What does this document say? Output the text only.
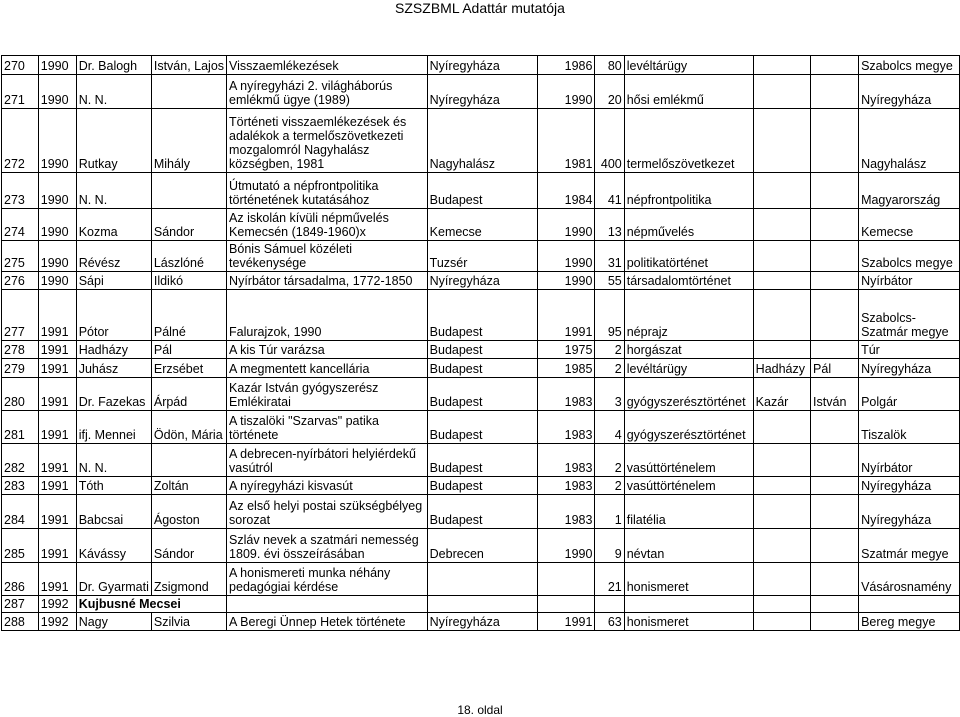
SZSZBML Adattár mutatója
270	1990	Dr. Balogh	István, Lajos	Visszaemlékezések	Nyíregyháza	1986	80	levéltárügy			Szabolcs megye
271	1990	N. N.		A nyíregyházi 2. világháborús emlékmű ügye (1989)	Nyíregyháza	1990	20	hősi emlékmű			Nyíregyháza
272	1990	Rutkay	Mihály	Történeti visszaemlékezések és adalékok a termelőszövetkezeti mozgalomról Nagyhalász községben, 1981	Nagyhalász	1981	400	termelőszövetkezet			Nagyhalász
273	1990	N. N.		Útmutató a népfrontpolitika történetének kutatásához	Budapest	1984	41	népfrontpolitika			Magyarország
274	1990	Kozma	Sándor	Az iskolán kívüli népművelés Kemecsén (1849-1960)x	Kemecse	1990	13	népművelés			Kemecse
275	1990	Révész	Lászlóné	Bónis Sámuel közéleti tevékenysége	Tuzsér	1990	31	politikatörténet			Szabolcs megye
276	1990	Sápi	Ildikó	Nyírbátor társadalma, 1772-1850	Nyíregyháza	1990	55	társadalomtörténet			Nyírbátor
277	1991	Pótor	Pálné	Falurajzok, 1990	Budapest	1991	95	néprajz			Szabolcs-Szatmár megye
278	1991	Hadházy	Pál	A kis Túr varázsa	Budapest	1975	2	horgászat			Túr
279	1991	Juhász	Erzsébet	A megmentett kancellária	Budapest	1985	2	levéltárügy	Hadházy	Pál	Nyíregyháza
280	1991	Dr. Fazekas	Árpád	Kazár István gyógyszerész Emlékiratai	Budapest	1983	3	gyógyszerésztörténet	Kazár	István	Polgár
281	1991	ifj. Mennei	Ödön, Mária	A tiszalöki "Szarvas" patika története	Budapest	1983	4	gyógyszerésztörténet			Tiszalök
282	1991	N. N.		A debrecen-nyírbátori helyiérdekű vasútról	Budapest	1983	2	vasúttörténelem			Nyírbátor
283	1991	Tóth	Zoltán	A nyíregyházi kisvasút	Budapest	1983	2	vasúttörténelem			Nyíregyháza
284	1991	Babcsai	Ágoston	Az első helyi postai szükségbélyeg sorozat	Budapest	1983	1	filatélia			Nyíregyháza
285	1991	Kávássy	Sándor	Szláv nevek a szatmári nemesség 1809. évi összeírásában	Debrecen	1990	9	névtan			Szatmár megye
286	1991	Dr. Gyarmati	Zsigmond	A honismereti munka néhány pedagógiai kérdése			21	honismeret			Vásárosnamény
287	1992	Kujbusné Mecsei									
288	1992	Nagy	Szilvia	A Beregi Ünnep Hetek története	Nyíregyháza	1991	63	honismeret			Bereg megye
18. oldal
